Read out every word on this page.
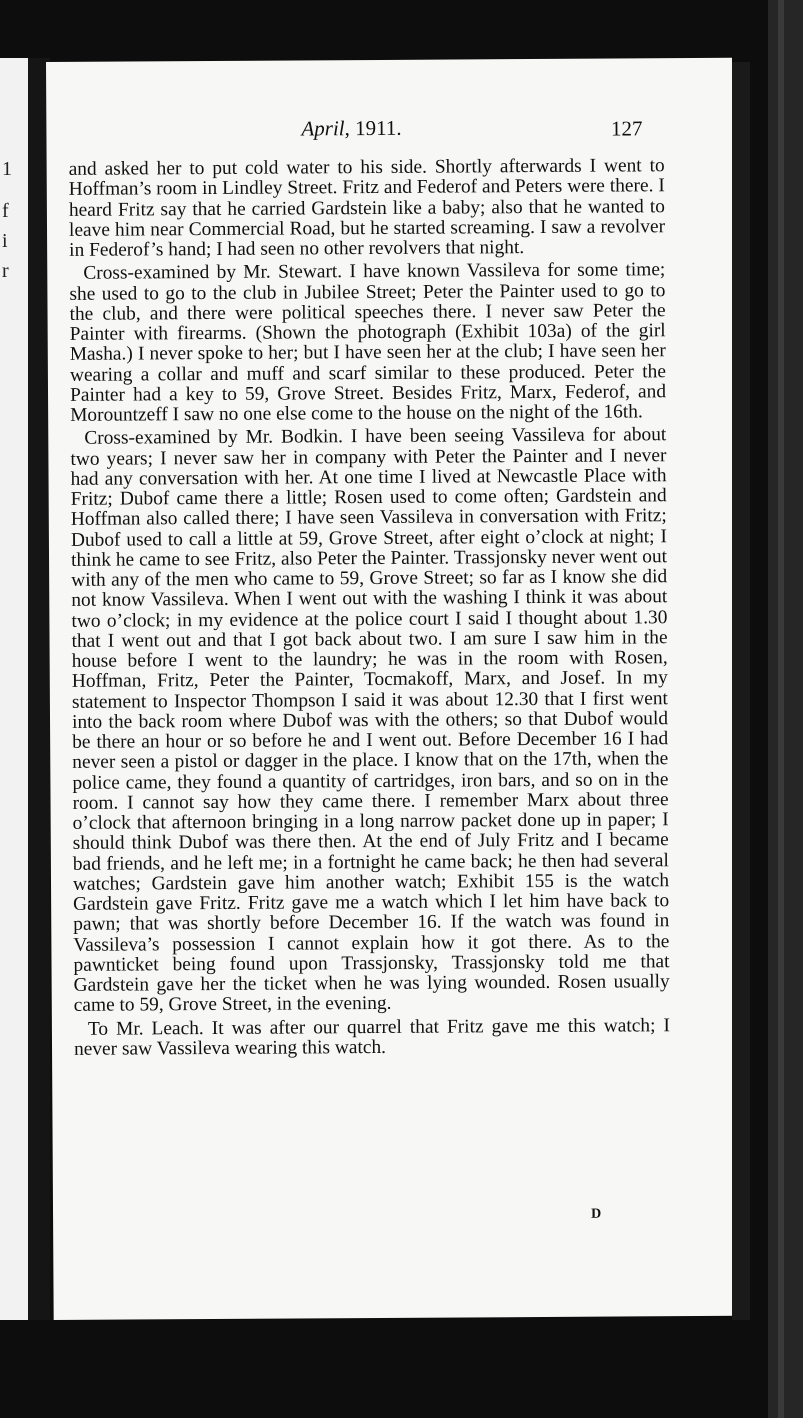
1
f
i
r
April, 1911.	127

and asked her to put cold water to his side. Shortly afterwards I went to Hoffman’s room in Lindley Street. Fritz and Federof and Peters were there. I heard Fritz say that he carried Gardstein like a baby; also that he wanted to leave him near Commercial Road, but he started screaming. I saw a revolver in Federof’s hand; I had seen no other revolvers that night.

Cross-examined by Mr. Stewart. I have known Vassileva for some time; she used to go to the club in Jubilee Street; Peter the Painter used to go to the club, and there were political speeches there. I never saw Peter the Painter with firearms. (Shown the photograph (Exhibit 103a) of the girl Masha.) I never spoke to her; but I have seen her at the club; I have seen her wearing a collar and muff and scarf similar to these produced. Peter the Painter had a key to 59, Grove Street. Besides Fritz, Marx, Federof, and Morountzeff I saw no one else come to the house on the night of the 16th.

Cross-examined by Mr. Bodkin. I have been seeing Vassileva for about two years; I never saw her in company with Peter the Painter and I never had any conversation with her. At one time I lived at Newcastle Place with Fritz; Dubof came there a little; Rosen used to come often; Gardstein and Hoffman also called there; I have seen Vassileva in conversation with Fritz; Dubof used to call a little at 59, Grove Street, after eight o’clock at night; I think he came to see Fritz, also Peter the Painter. Trassjonsky never went out with any of the men who came to 59, Grove Street; so far as I know she did not know Vassileva. When I went out with the washing I think it was about two o’clock; in my evidence at the police court I said I thought about 1.30 that I went out and that I got back about two. I am sure I saw him in the house before I went to the laundry; he was in the room with Rosen, Hoffman, Fritz, Peter the Painter, Tocmakoff, Marx, and Josef. In my statement to Inspector Thompson I said it was about 12.30 that I first went into the back room where Dubof was with the others; so that Dubof would be there an hour or so before he and I went out. Before December 16 I had never seen a pistol or dagger in the place. I know that on the 17th, when the police came, they found a quantity of cartridges, iron bars, and so on in the room. I cannot say how they came there. I remember Marx about three o’clock that afternoon bringing in a long narrow packet done up in paper; I should think Dubof was there then. At the end of July Fritz and I became bad friends, and he left me; in a fortnight he came back; he then had several watches; Gardstein gave him another watch; Exhibit 155 is the watch Gardstein gave Fritz. Fritz gave me a watch which I let him have back to pawn; that was shortly before December 16. If the watch was found in Vassileva’s possession I cannot explain how it got there. As to the pawnticket being found upon Trassjonsky, Trassjonsky told me that Gardstein gave her the ticket when he was lying wounded. Rosen usually came to 59, Grove Street, in the evening.

To Mr. Leach. It was after our quarrel that Fritz gave me this watch; I never saw Vassileva wearing this watch.

D
